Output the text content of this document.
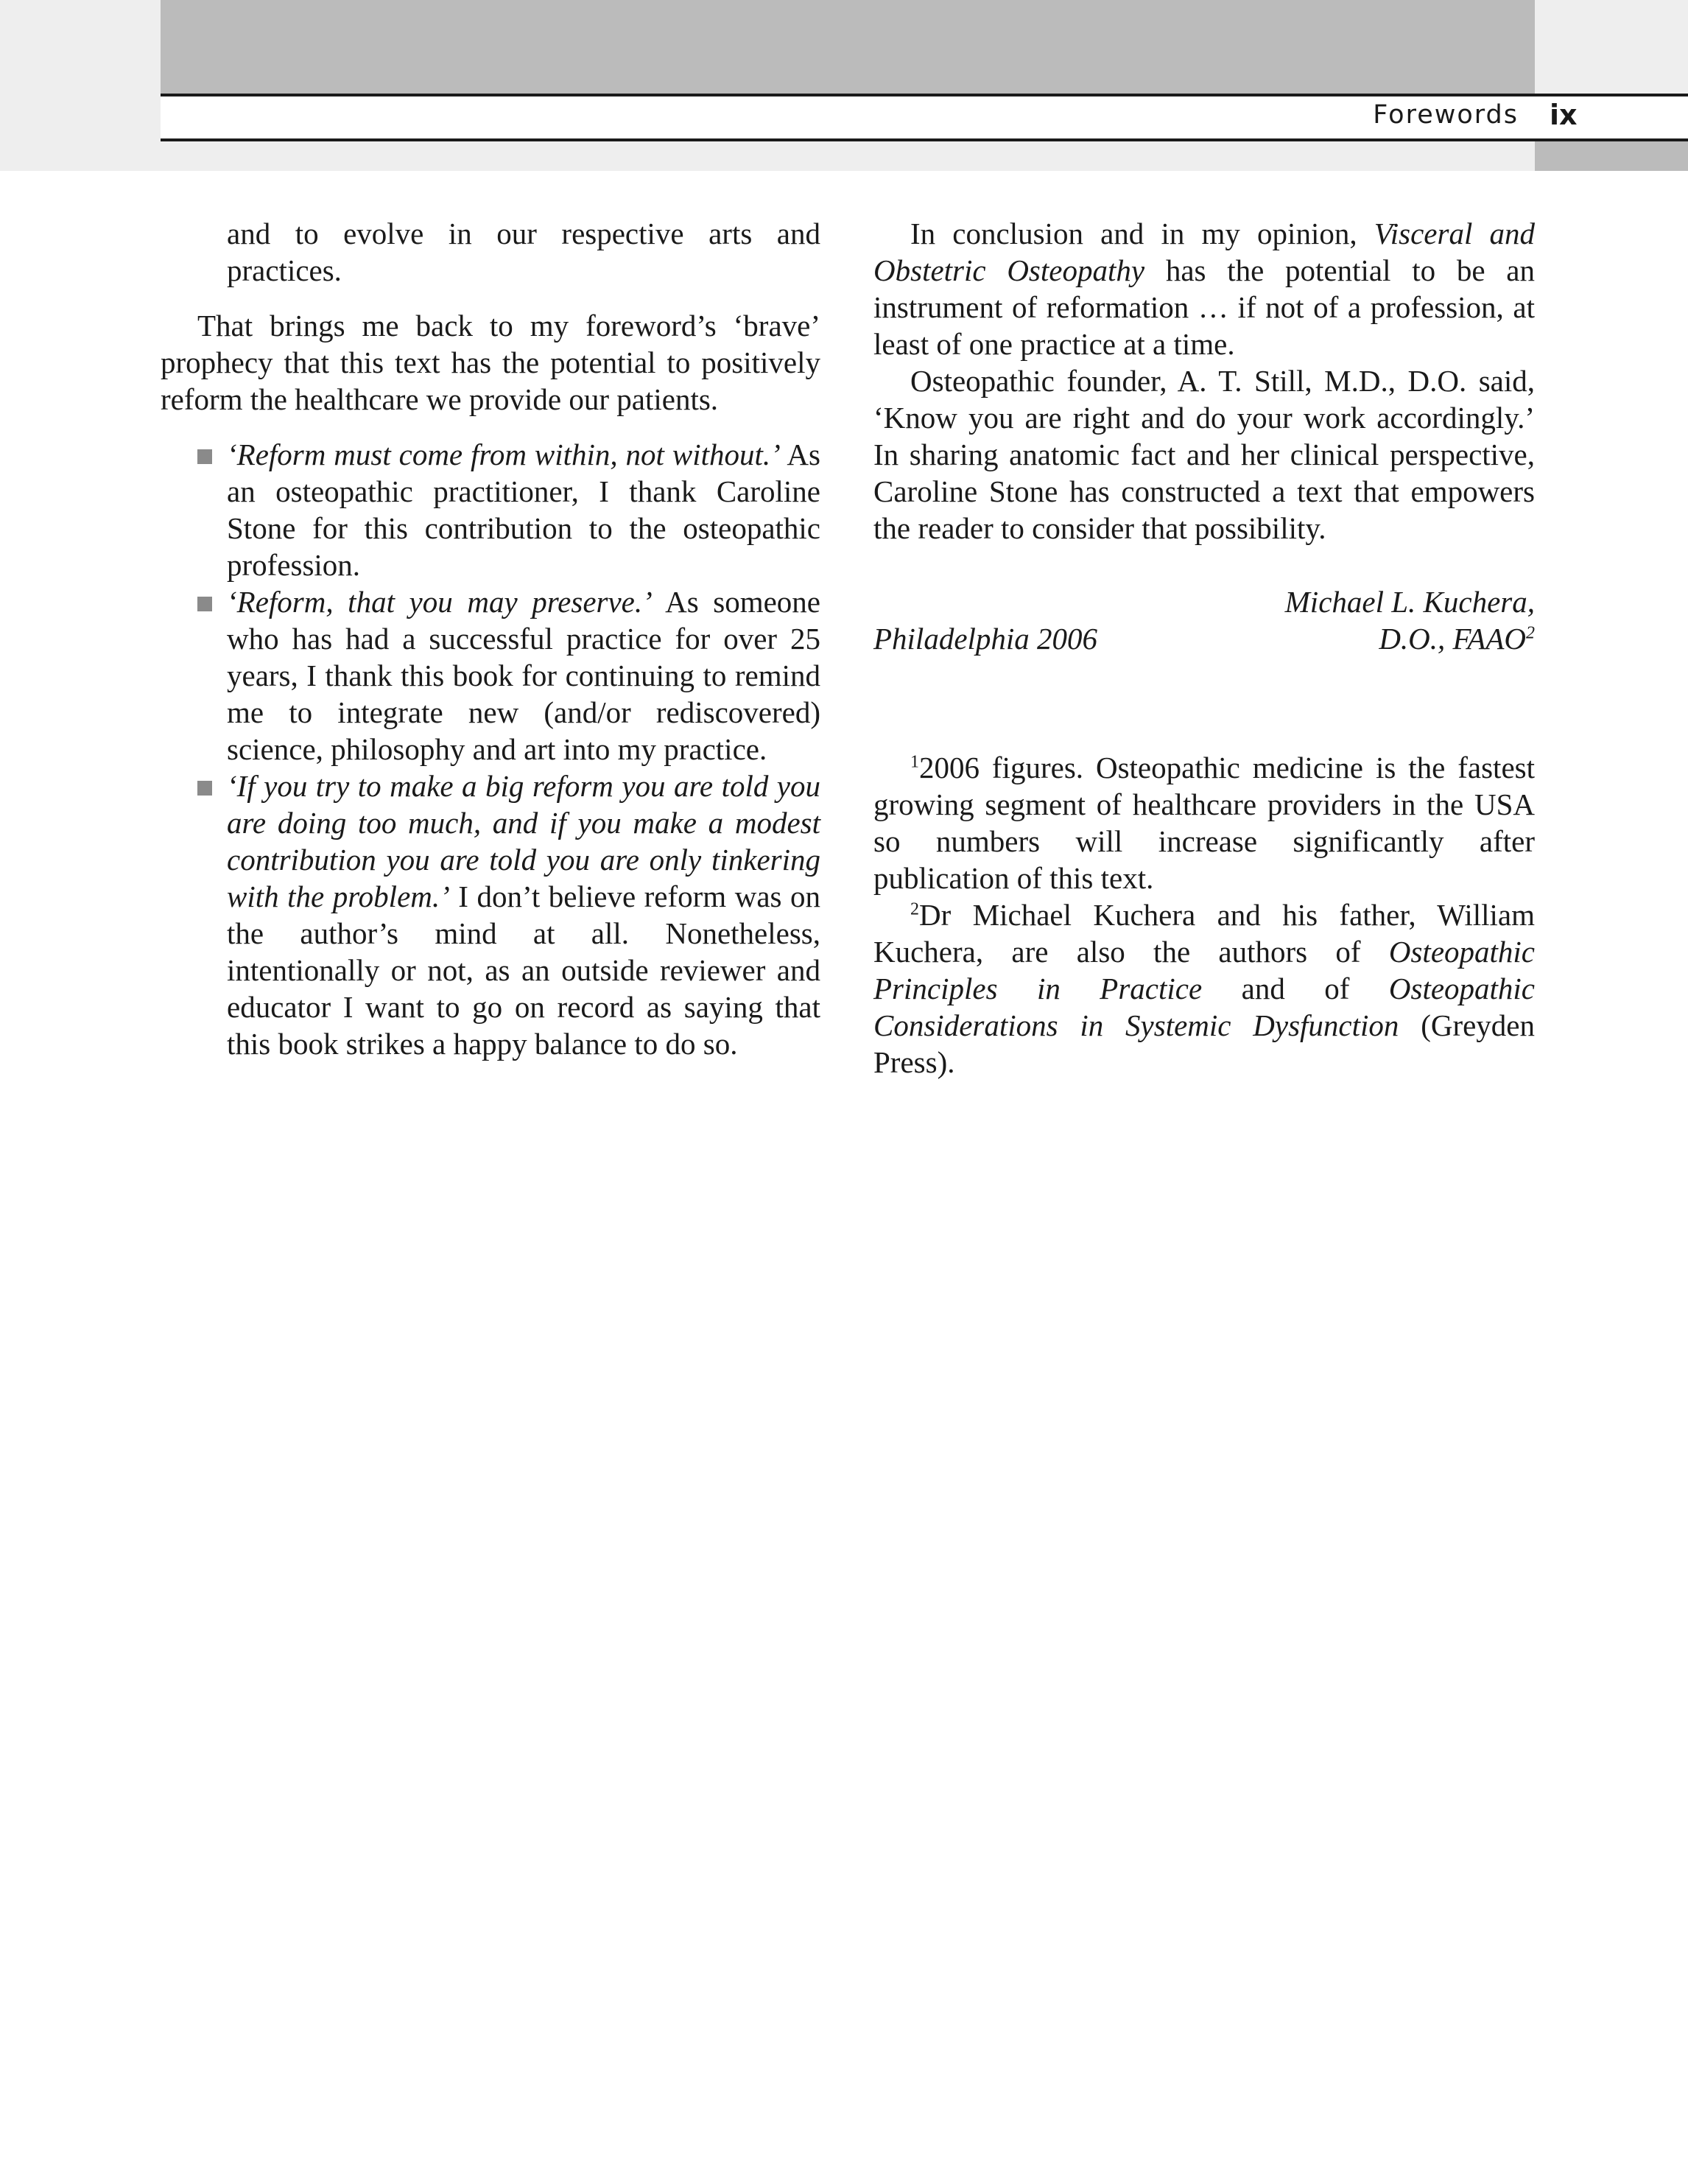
Forewords ix

and to evolve in our respective arts and practices.

That brings me back to my foreword’s ‘brave’ prophecy that this text has the potential to positively reform the healthcare we provide our patients.

‘Reform must come from within, not without.’ As an osteopathic practitioner, I thank Caroline Stone for this contribution to the osteopathic profession.
‘Reform, that you may preserve.’ As someone who has had a successful practice for over 25 years, I thank this book for continuing to remind me to integrate new (and/or rediscovered) science, philosophy and art into my practice.
‘If you try to make a big reform you are told you are doing too much, and if you make a modest contribution you are told you are only tinkering with the problem.’ I don’t believe reform was on the author’s mind at all. Nonetheless, intentionally or not, as an outside reviewer and educator I want to go on record as saying that this book strikes a happy balance to do so.

In conclusion and in my opinion, Visceral and Obstetric Osteopathy has the potential to be an instrument of reformation … if not of a profession, at least of one practice at a time.

Osteopathic founder, A. T. Still, M.D., D.O. said, ‘Know you are right and do your work accordingly.’ In sharing anatomic fact and her clinical perspective, Caroline Stone has constructed a text that empowers the reader to consider that possibility.

Michael L. Kuchera,
Philadelphia 2006	D.O., FAAO$^2$

$^1$2006 figures. Osteopathic medicine is the fastest growing segment of healthcare providers in the USA so numbers will increase significantly after publication of this text.

$^2$Dr Michael Kuchera and his father, William Kuchera, are also the authors of Osteopathic Principles in Practice and of Osteopathic Considerations in Systemic Dysfunction (Greyden Press).
